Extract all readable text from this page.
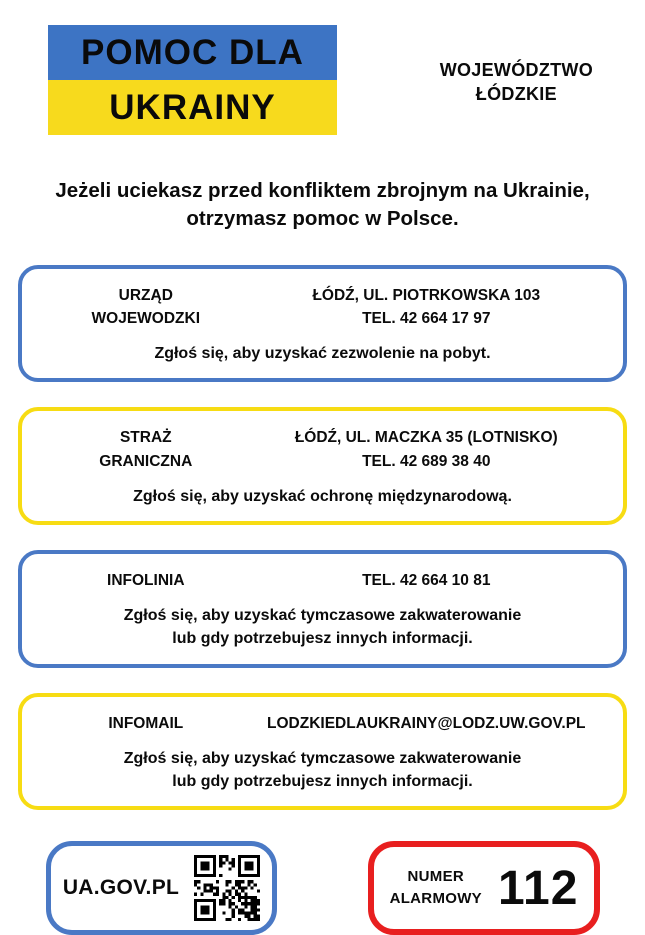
POMOC DLA
UKRAINY
WOJEWÓDZTWO
ŁÓDZKIE

Jeżeli uciekasz przed konfliktem zbrojnym na Ukrainie,
otrzymasz pomoc w Polsce.

URZĄD
WOJEWODZKI
ŁÓDŹ, UL. PIOTRKOWSKA 103
TEL. 42 664 17 97
Zgłoś się, aby uzyskać zezwolenie na pobyt.
STRAŻ
GRANICZNA
ŁÓDŹ, UL. MACZKA 35 (LOTNISKO)
TEL. 42 689 38 40
Zgłoś się, aby uzyskać ochronę międzynarodową.
INFOLINIA	TEL. 42 664 10 81
Zgłoś się, aby uzyskać tymczasowe zakwaterowanie
lub gdy potrzebujesz innych informacji.
INFOMAIL	LODZKIEDLAUKRAINY@LODZ.UW.GOV.PL
Zgłoś się, aby uzyskać tymczasowe zakwaterowanie
lub gdy potrzebujesz innych informacji.
UA.GOV.PL	NUMER
ALARMOWY 112
